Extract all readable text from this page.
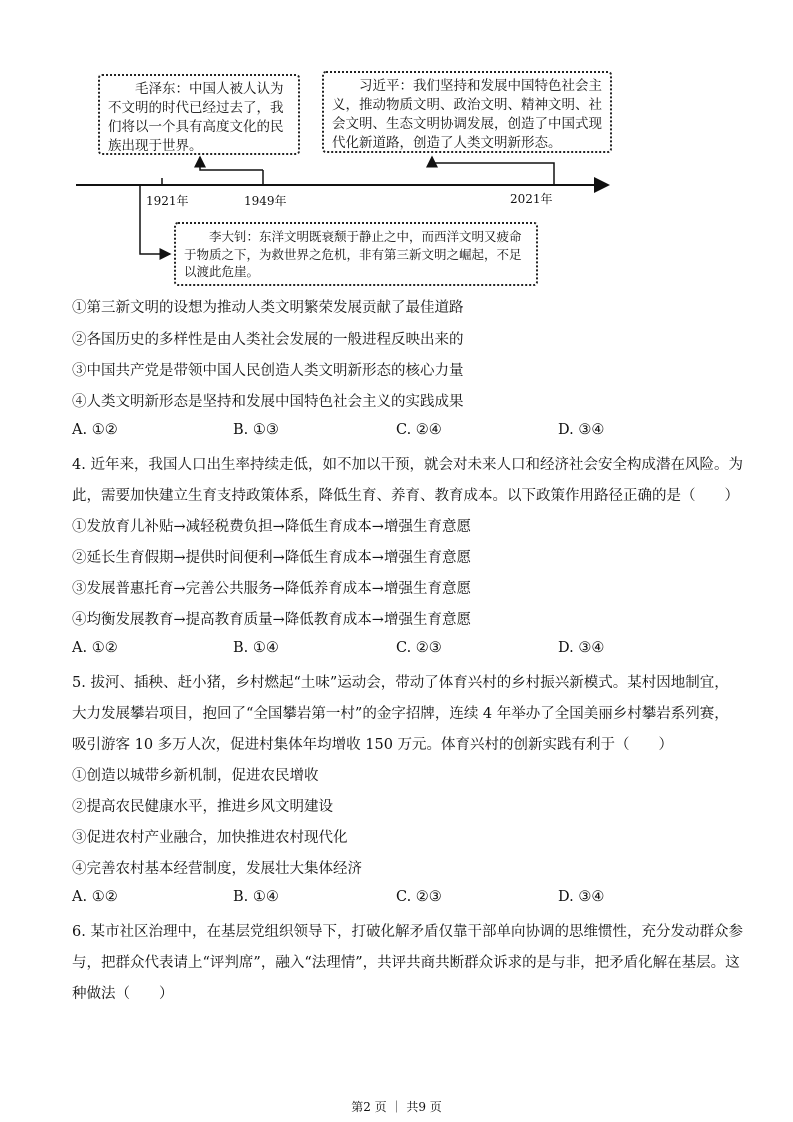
毛泽东：中国人被人认为不文明的时代已经过去了，我们将以一个具有高度文化的民族出现于世界。
习近平：我们坚持和发展中国特色社会主义，推动物质文明、政治文明、精神文明、社会文明、生态文明协调发展，创造了中国式现代化新道路，创造了人类文明新形态。
李大钊：东洋文明既衰颓于静止之中，而西洋文明又疲命于物质之下，为救世界之危机，非有第三新文明之崛起，不足以渡此危崖。
1921年	1949年	2021年
①第三新文明的设想为推动人类文明繁荣发展贡献了最佳道路
②各国历史的多样性是由人类社会发展的一般进程反映出来的
③中国共产党是带领中国人民创造人类文明新形态的核心力量
④人类文明新形态是坚持和发展中国特色社会主义的实践成果
A. ①②	B. ①③	C. ②④	D. ③④
4. 近年来，我国人口出生率持续走低，如不加以干预，就会对未来人口和经济社会安全构成潜在风险。为
此，需要加快建立生育支持政策体系，降低生育、养育、教育成本。以下政策作用路径正确的是（　　）
①发放育儿补贴→减轻税费负担→降低生育成本→增强生育意愿
②延长生育假期→提供时间便利→降低生育成本→增强生育意愿
③发展普惠托育→完善公共服务→降低养育成本→增强生育意愿
④均衡发展教育→提高教育质量→降低教育成本→增强生育意愿
A. ①②	B. ①④	C. ②③	D. ③④
5. 拔河、插秧、赶小猪，乡村燃起“土味”运动会，带动了体育兴村的乡村振兴新模式。某村因地制宜，
大力发展攀岩项目，抱回了“全国攀岩第一村”的金字招牌，连续 4 年举办了全国美丽乡村攀岩系列赛，
吸引游客 10 多万人次，促进村集体年均增收 150 万元。体育兴村的创新实践有利于（　　）
①创造以城带乡新机制，促进农民增收
②提高农民健康水平，推进乡风文明建设
③促进农村产业融合，加快推进农村现代化
④完善农村基本经营制度，发展壮大集体经济
A. ①②	B. ①④	C. ②③	D. ③④
6. 某市社区治理中，在基层党组织领导下，打破化解矛盾仅靠干部单向协调的思维惯性，充分发动群众参
与，把群众代表请上“评判席”，融入“法理情”，共评共商共断群众诉求的是与非，把矛盾化解在基层。这
种做法（　　）
第2 页 ｜ 共9 页
